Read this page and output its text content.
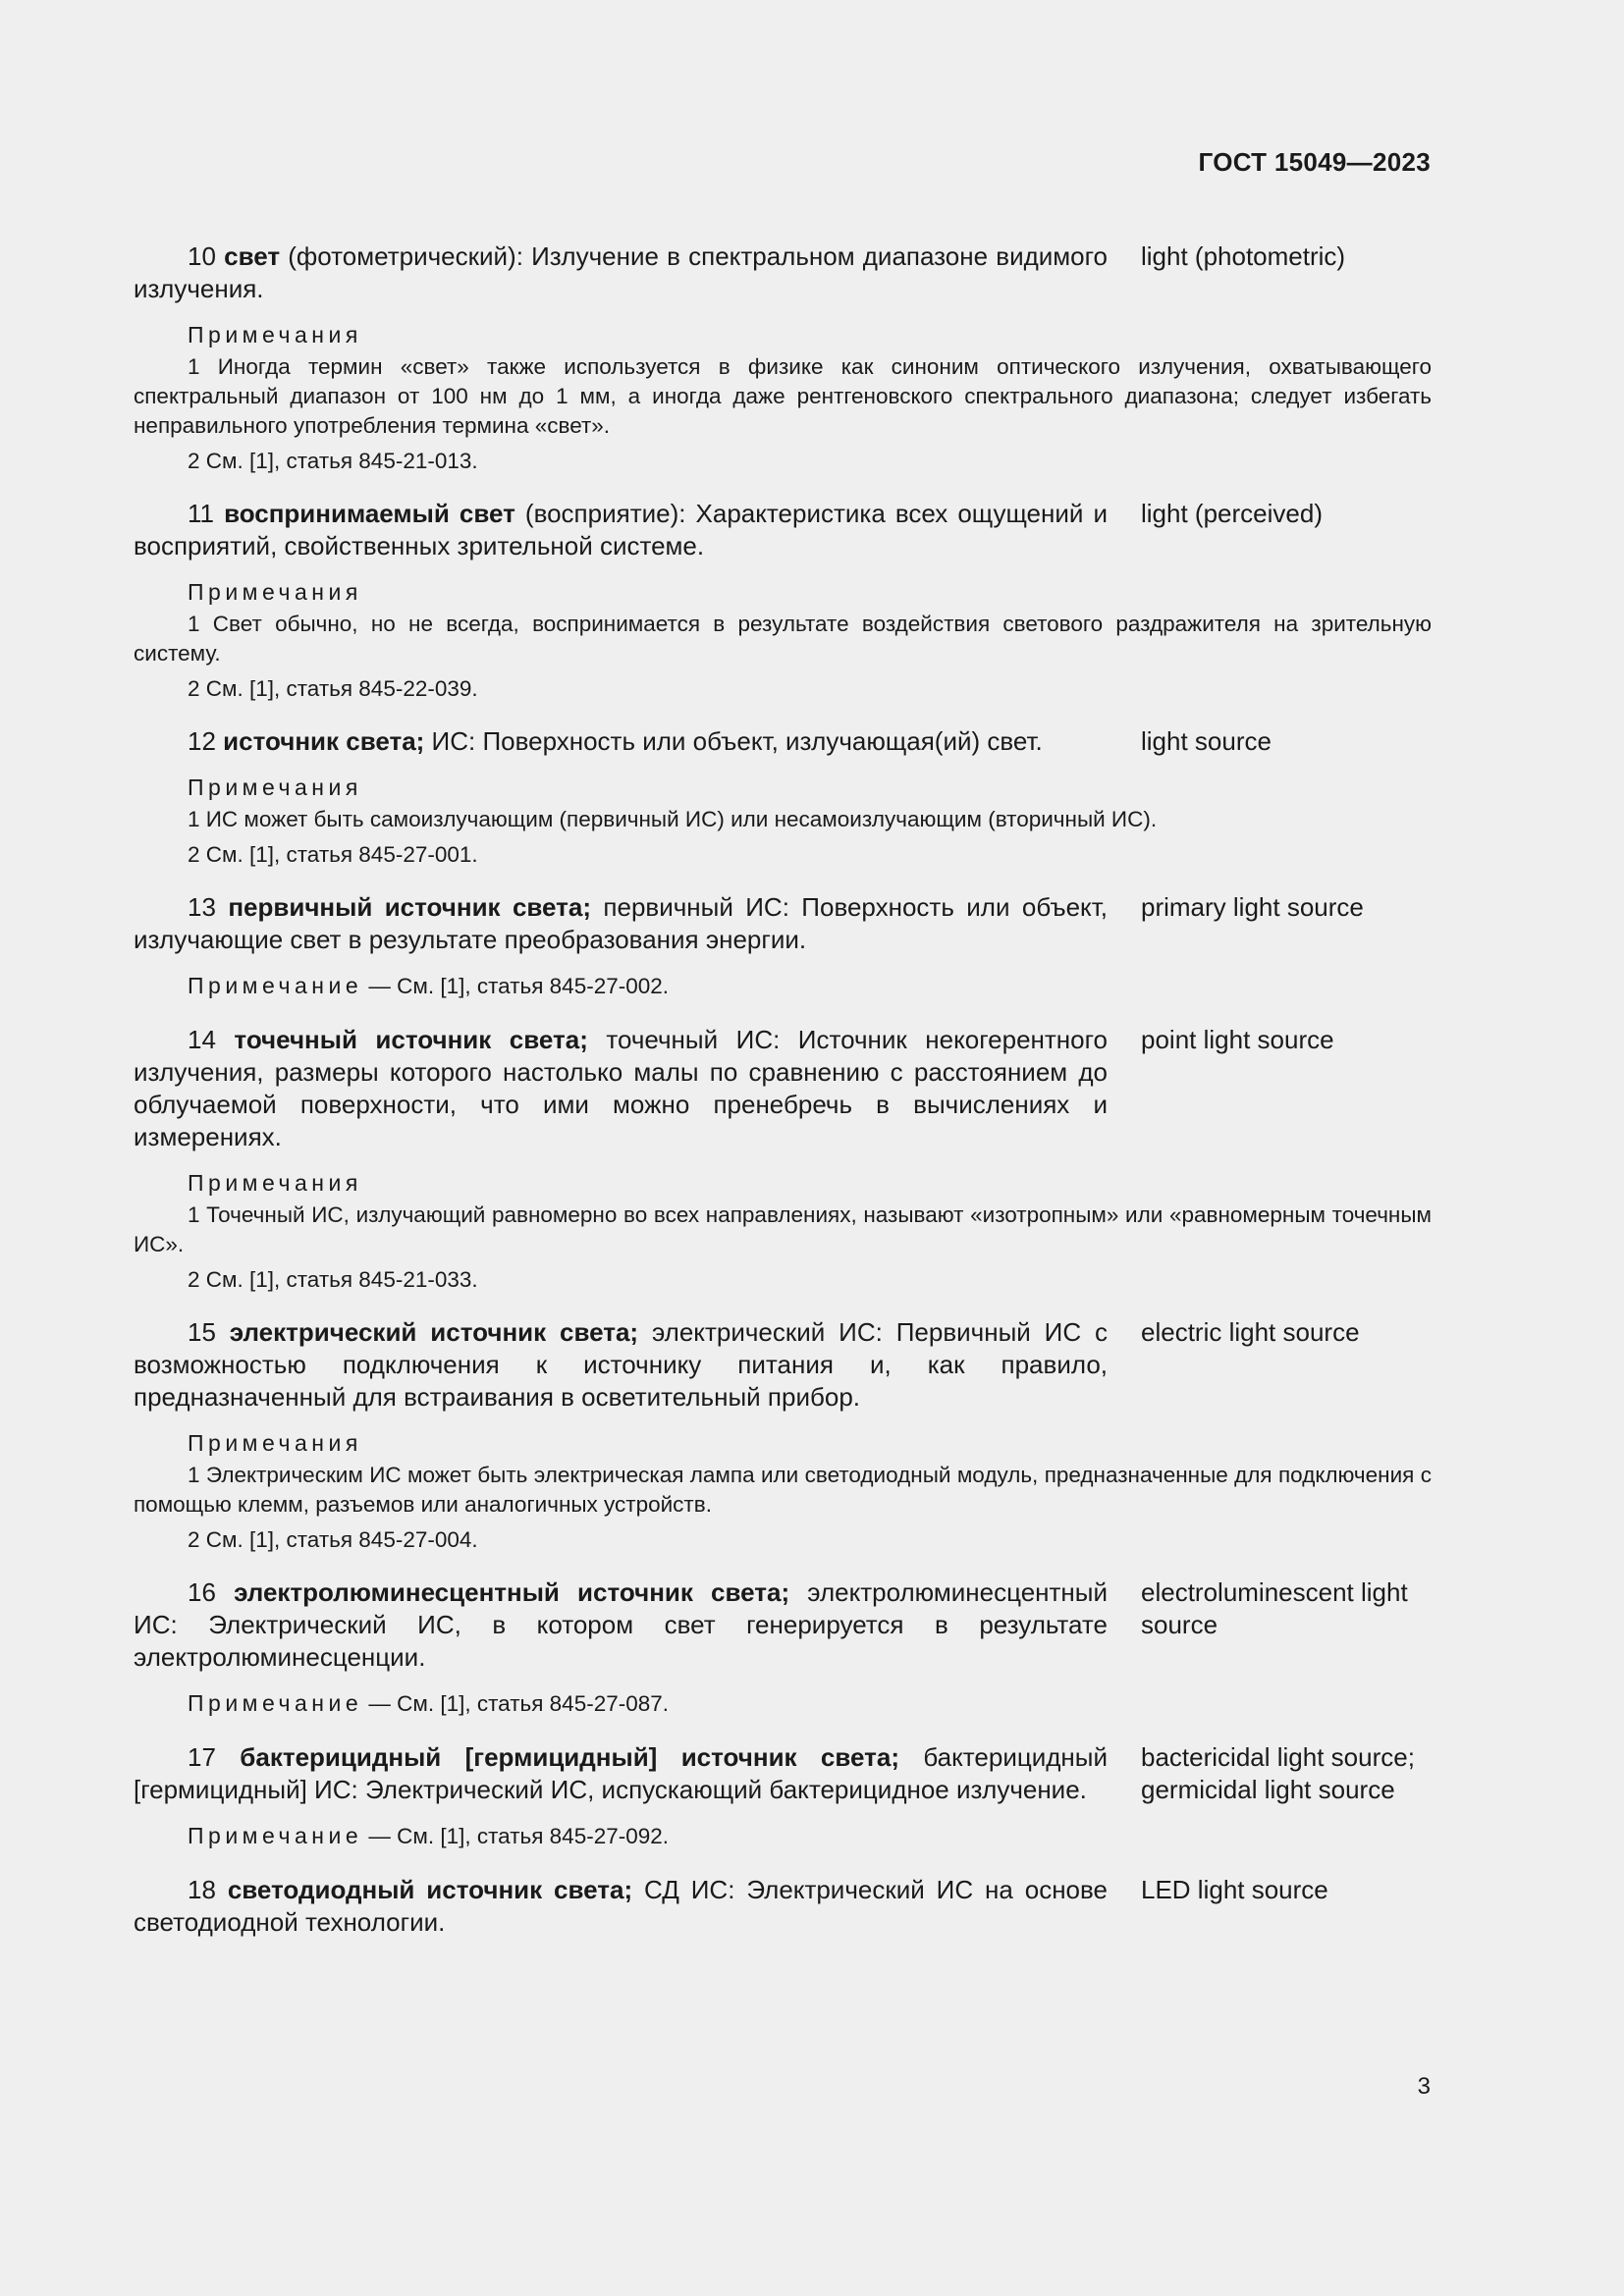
ГОСТ 15049—2023
10 свет (фотометрический): Излучение в спектральном диапазоне видимого излучения.
light (photometric)
Примечания
1 Иногда термин «свет» также используется в физике как синоним оптического излучения, охватывающего спектральный диапазон от 100 нм до 1 мм, а иногда даже рентгеновского спектрального диапазона; следует избегать неправильного употребления термина «свет».
2 См. [1], статья 845-21-013.
11 воспринимаемый свет (восприятие): Характеристика всех ощущений и восприятий, свойственных зрительной системе.
light (perceived)
Примечания
1 Свет обычно, но не всегда, воспринимается в результате воздействия светового раздражителя на зрительную систему.
2 См. [1], статья 845-22-039.
12 источник света; ИС: Поверхность или объект, излучающая(ий) свет.	light source
Примечания
1 ИС может быть самоизлучающим (первичный ИС) или несамоизлучающим (вторичный ИС).
2 См. [1], статья 845-27-001.
13 первичный источник света; первичный ИС: Поверхность или объект, излучающие свет в результате преобразования энергии.
primary light source
Примечание — См. [1], статья 845-27-002.
14 точечный источник света; точечный ИС: Источник некогерентного излучения, размеры которого настолько малы по сравнению с расстоянием до облучаемой поверхности, что ими можно пренебречь в вычислениях и измерениях.
point light source
Примечания
1 Точечный ИС, излучающий равномерно во всех направлениях, называют «изотропным» или «равномерным точечным ИС».
2 См. [1], статья 845-21-033.
15 электрический источник света; электрический ИС: Первичный ИС с возможностью подключения к источнику питания и, как правило, предназначенный для встраивания в осветительный прибор.
electric light source
Примечания
1 Электрическим ИС может быть электрическая лампа или светодиодный модуль, предназначенные для подключения с помощью клемм, разъемов или аналогичных устройств.
2 См. [1], статья 845-27-004.
16 электролюминесцентный источник света; электролюминесцентный ИС: Электрический ИС, в котором свет генерируется в результате электролюминесценции.
electroluminescent light source
Примечание — См. [1], статья 845-27-087.
17 бактерицидный [гермицидный] источник света; бактерицидный [гермицидный] ИС: Электрический ИС, испускающий бактерицидное излучение.
bactericidal light source; germicidal light source
Примечание — См. [1], статья 845-27-092.
18 светодиодный источник света; СД ИС: Электрический ИС на основе светодиодной технологии.
LED light source
3
